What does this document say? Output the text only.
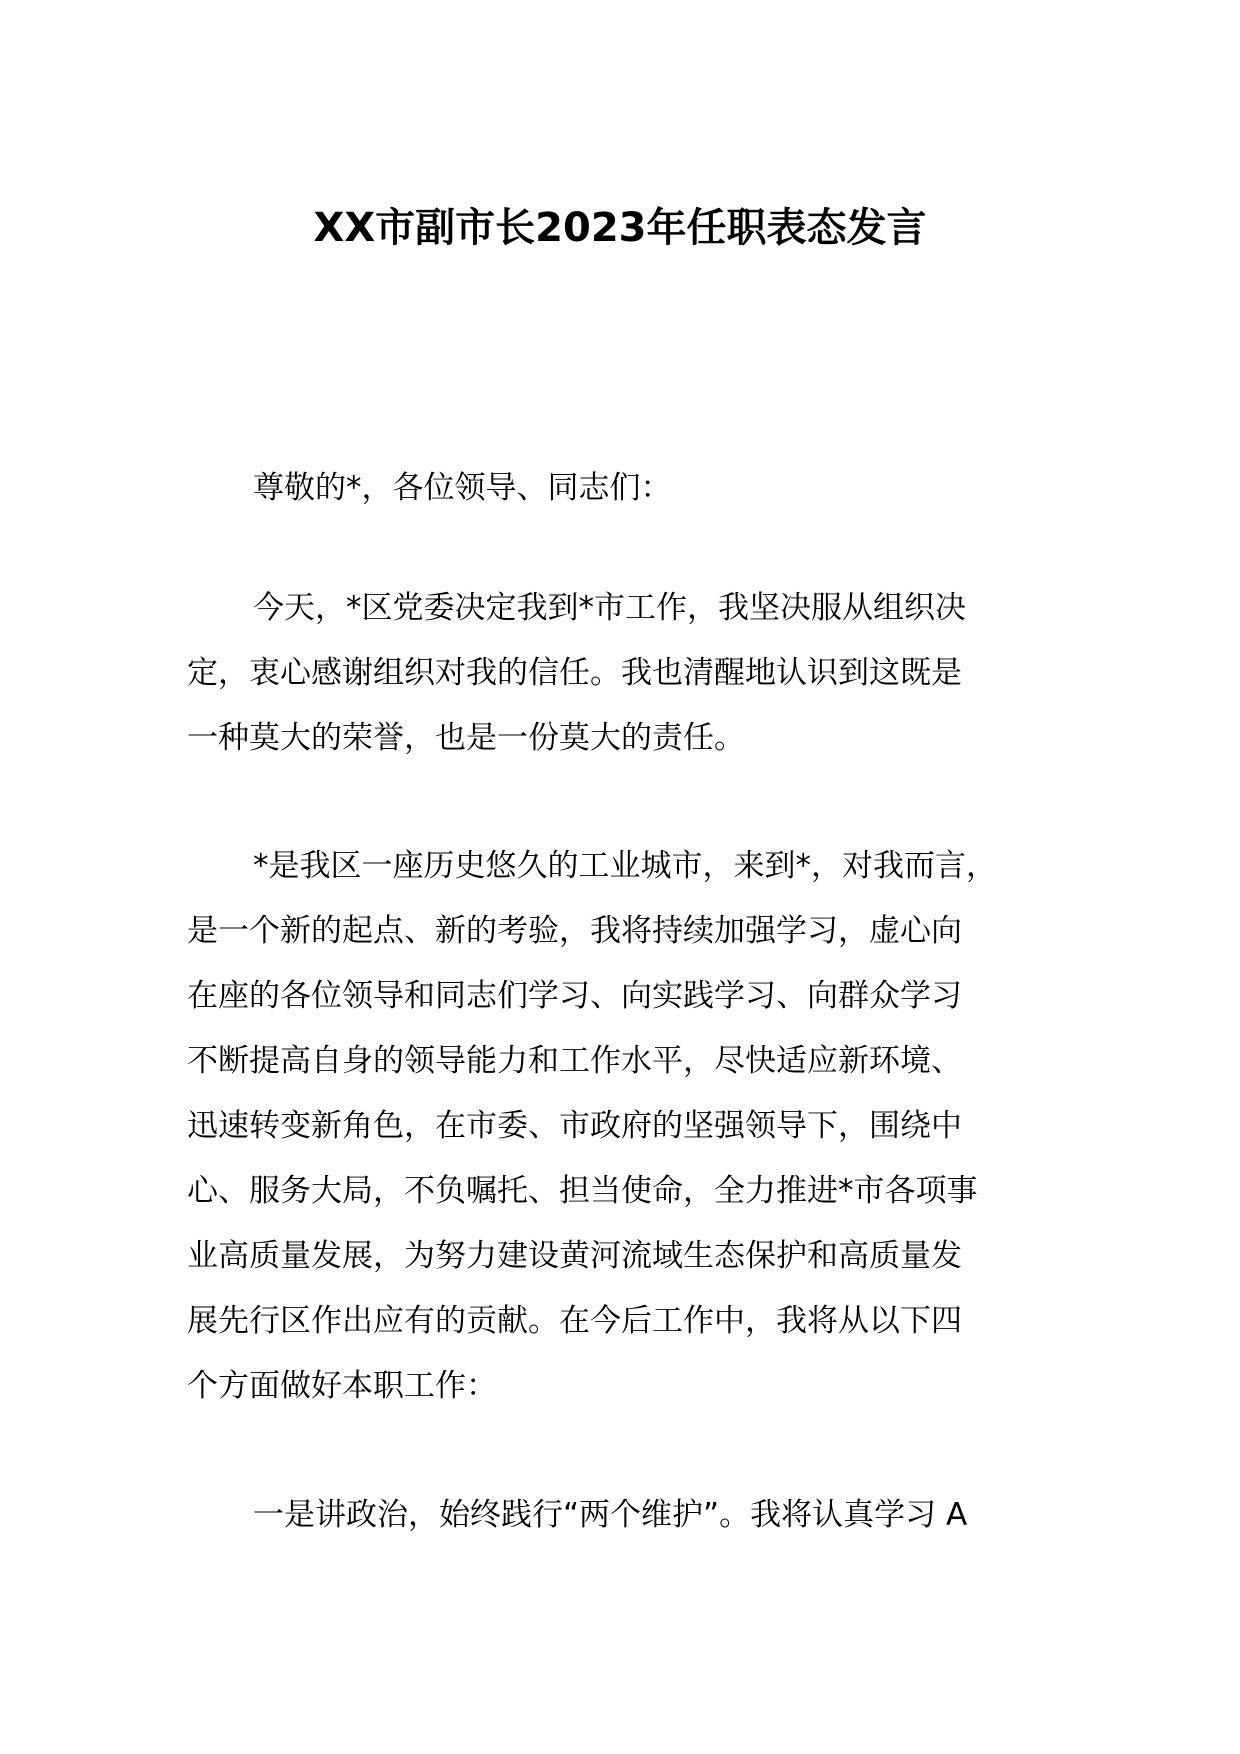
XX市副市长2023年任职表态发言

尊敬的*，各位领导、同志们：

今天，*区党委决定我到*市工作，我坚决服从组织决
定，衷心感谢组织对我的信任。我也清醒地认识到这既是
一种莫大的荣誉，也是一份莫大的责任。

*是我区一座历史悠久的工业城市，来到*，对我而言，
是一个新的起点、新的考验，我将持续加强学习，虚心向
在座的各位领导和同志们学习、向实践学习、向群众学习
不断提高自身的领导能力和工作水平，尽快适应新环境、
迅速转变新角色，在市委、市政府的坚强领导下，围绕中
心、服务大局，不负嘱托、担当使命，全力推进*市各项事
业高质量发展，为努力建设黄河流域生态保护和高质量发
展先行区作出应有的贡献。在今后工作中，我将从以下四
个方面做好本职工作：

一是讲政治，始终践行“两个维护”。我将认真学习 A
